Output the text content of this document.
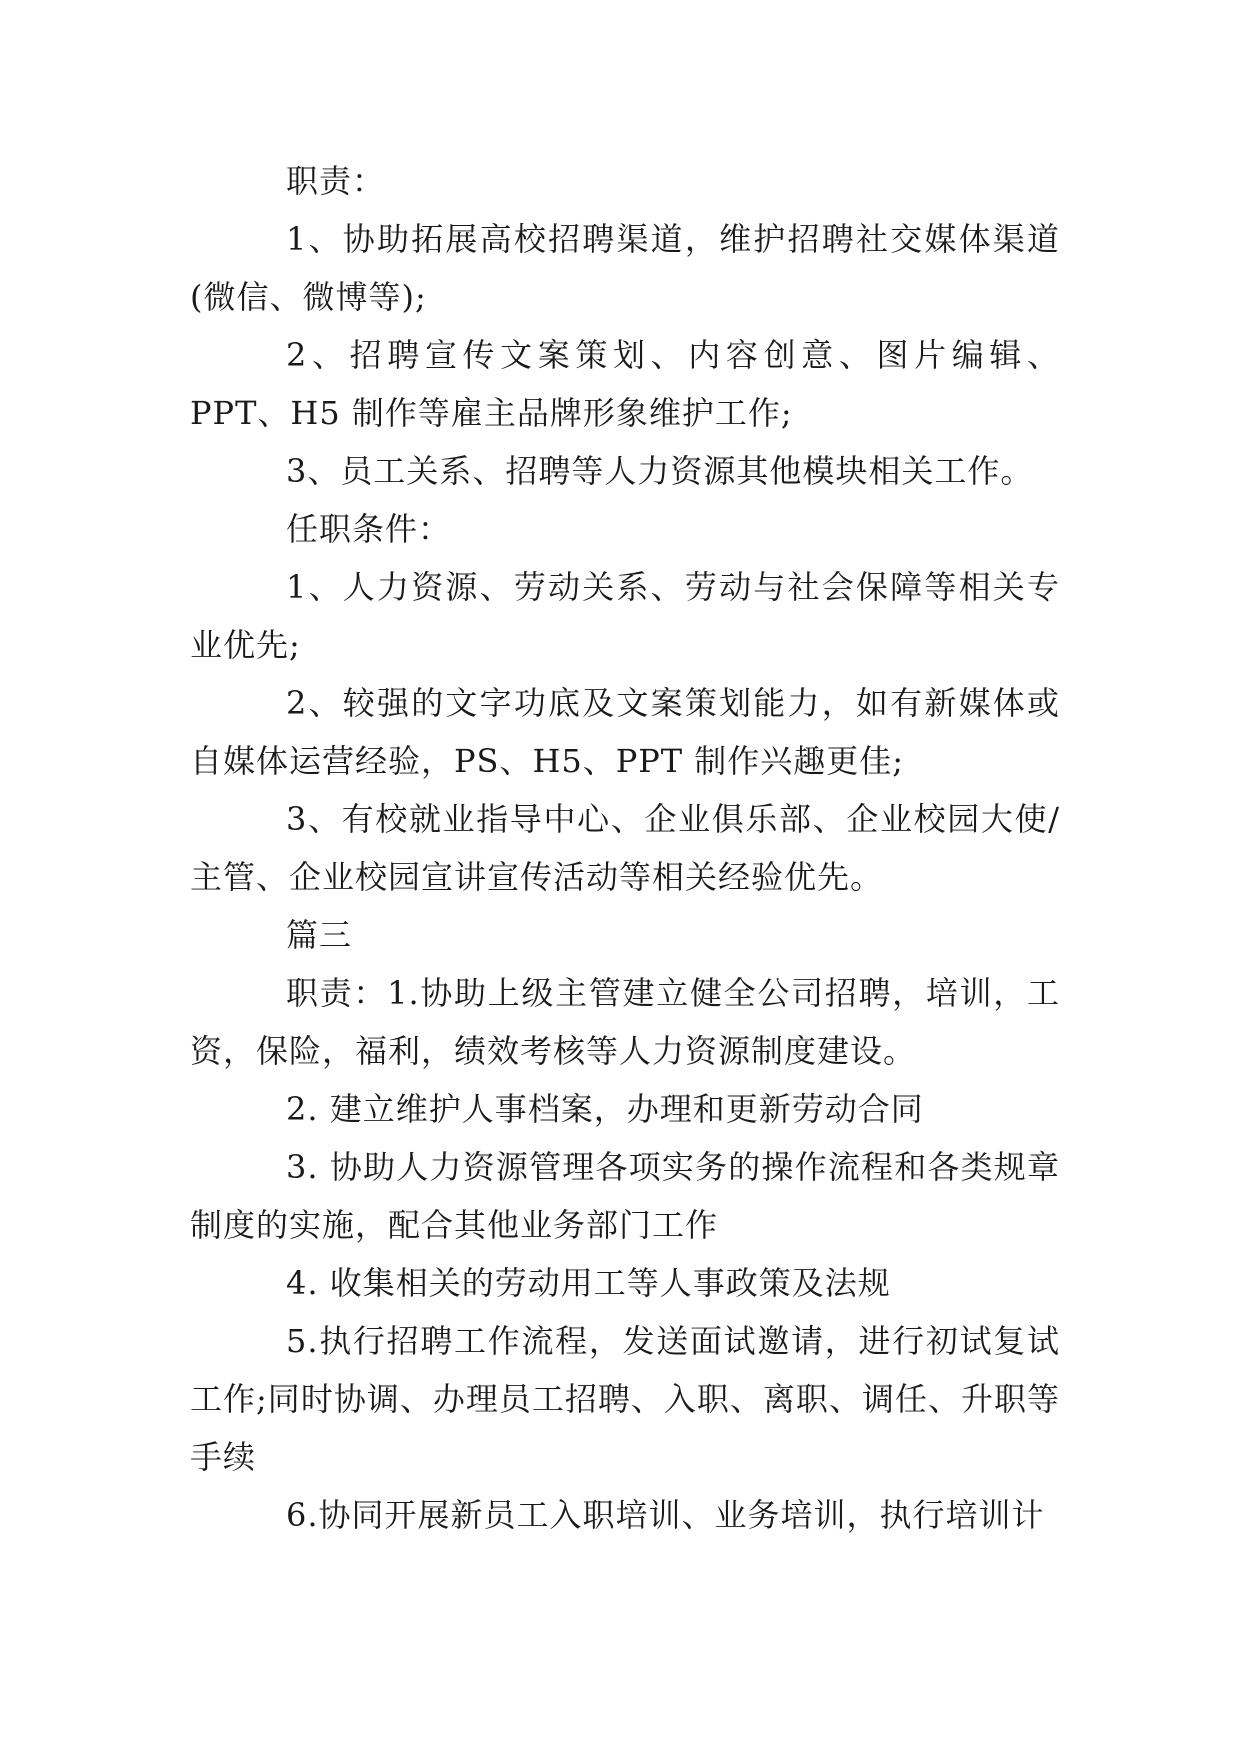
职责：

1、协助拓展高校招聘渠道，维护招聘社交媒体渠道(微信、微博等);

2、招聘宣传文案策划、内容创意、图片编辑、PPT、H5 制作等雇主品牌形象维护工作;

3、员工关系、招聘等人力资源其他模块相关工作。

任职条件：

1、人力资源、劳动关系、劳动与社会保障等相关专业优先;

2、较强的文字功底及文案策划能力，如有新媒体或自媒体运营经验，PS、H5、PPT 制作兴趣更佳;

3、有校就业指导中心、企业俱乐部、企业校园大使/主管、企业校园宣讲宣传活动等相关经验优先。

篇三

职责：1.协助上级主管建立健全公司招聘，培训，工资，保险，福利，绩效考核等人力资源制度建设。

2. 建立维护人事档案，办理和更新劳动合同

3. 协助人力资源管理各项实务的操作流程和各类规章制度的实施，配合其他业务部门工作

4. 收集相关的劳动用工等人事政策及法规

5.执行招聘工作流程，发送面试邀请，进行初试复试工作;同时协调、办理员工招聘、入职、离职、调任、升职等手续

6.协同开展新员工入职培训、业务培训，执行培训计
